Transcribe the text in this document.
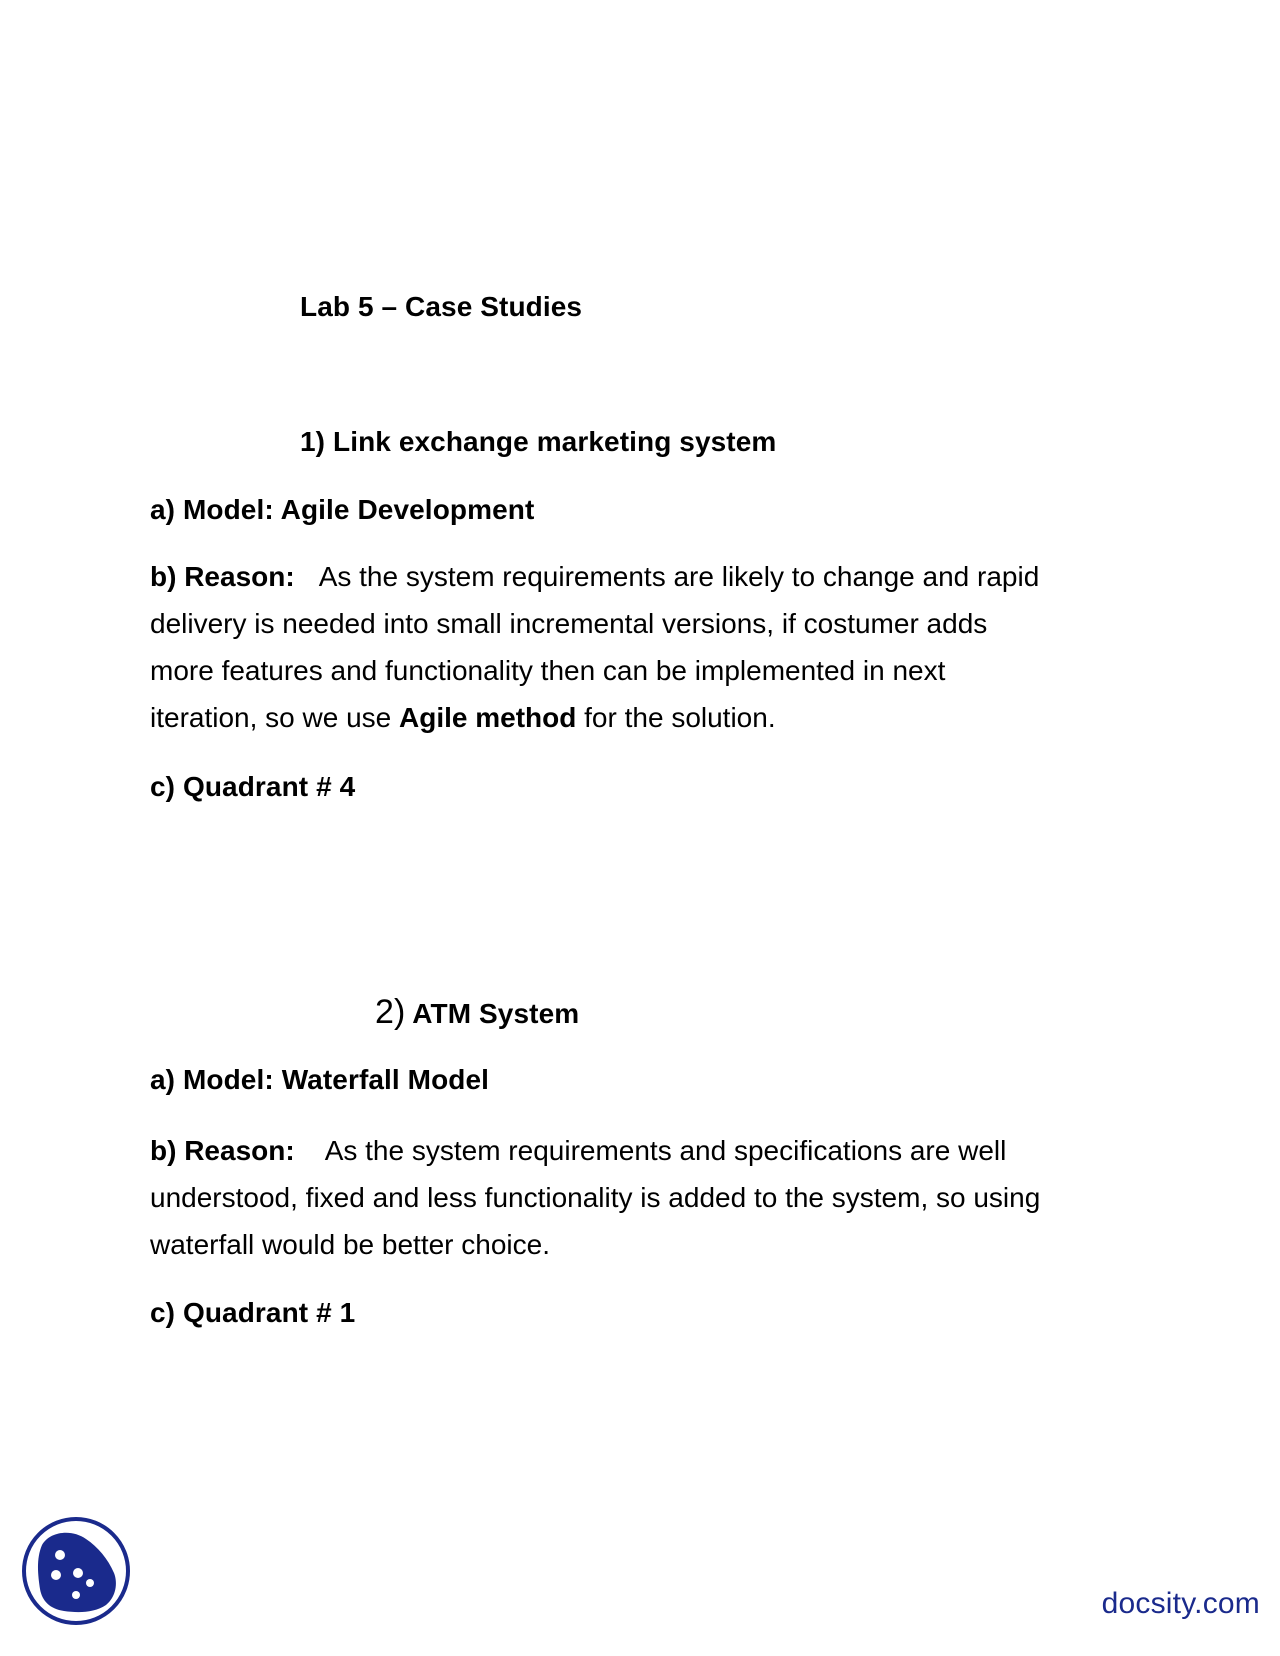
Lab 5 – Case Studies
1) Link exchange marketing system
a) Model: Agile Development
b) Reason: As the system requirements are likely to change and rapid
delivery is needed into small incremental versions, if costumer adds
more features and functionality then can be implemented in next
iteration, so we use Agile method for the solution.
c) Quadrant # 4
2) ATM System
a) Model: Waterfall Model
b) Reason: As the system requirements and specifications are well
understood, fixed and less functionality is added to the system, so using
waterfall would be better choice.
c) Quadrant # 1
docsity.com
